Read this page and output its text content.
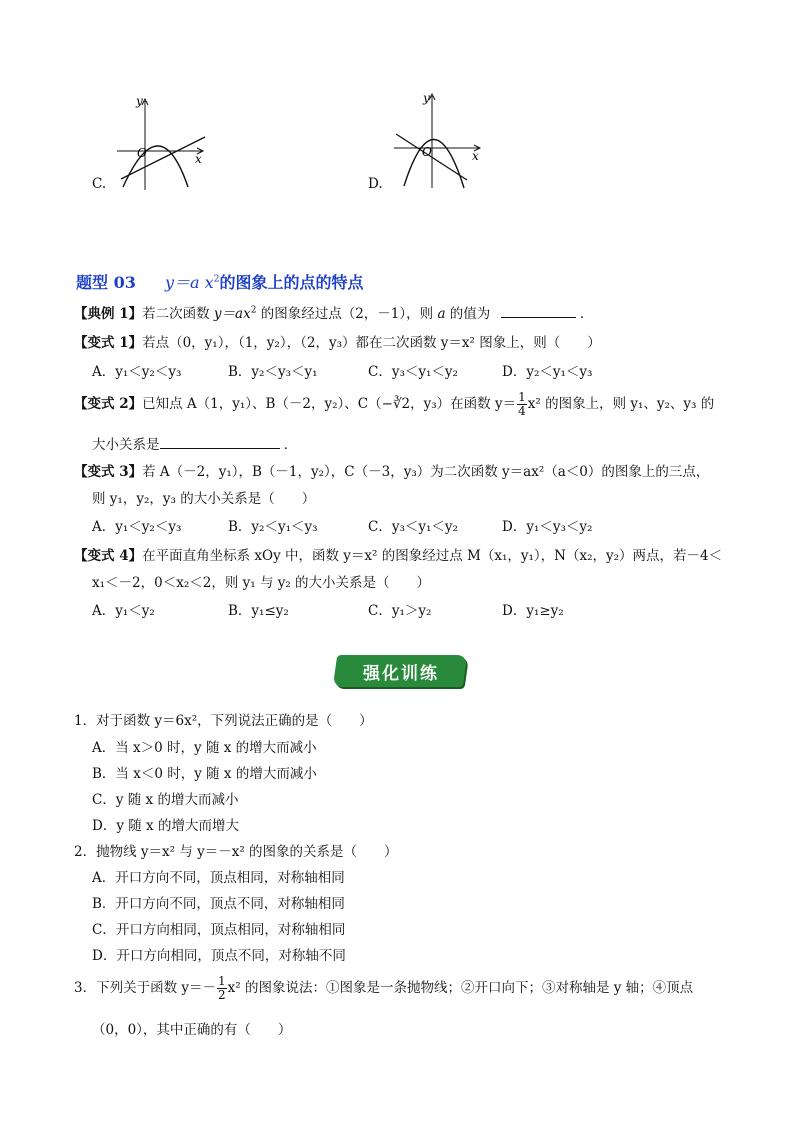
y
x
O
C.
y
x
O
D.
题型 03 y＝a $x^2$的图象上的点的特点
【典例 1】若二次函数 $y=ax^2$ 的图象经过点（2，－1），则 a 的值为	．
【变式 1】若点（0，y₁），（1，y₂），（2，y₃）都在二次函数 y＝x² 图象上，则（　　）
A．y₁＜y₂＜y₃	B．y₂＜y₃＜y₁	C．y₃＜y₁＜y₂	D．y₂＜y₁＜y₃
【变式 2】已知点 A（1，y₁）、B（－2，y₂）、C（−∛2，y₃）在函数 $y= \frac{1}{4} x^2$ 的图象上，则 y₁、y₂、y₃ 的
大小关系是	．
【变式 3】若 A（－2，y₁），B（－1，y₂），C（－3，y₃）为二次函数 y＝ax²（a＜0）的图象上的三点，
则 y₁，y₂，y₃ 的大小关系是（　　）
A．y₁＜y₂＜y₃	B．y₂＜y₁＜y₃	C．y₃＜y₁＜y₂	D．y₁＜y₃＜y₂
【变式 4】在平面直角坐标系 xOy 中，函数 y＝x² 的图象经过点 M（x₁，y₁），N（x₂，y₂）两点，若－4＜
x₁＜－2，0＜x₂＜2，则 y₁ 与 y₂ 的大小关系是（　　）
A．y₁＜y₂	B．y₁≤y₂	C．y₁＞y₂	D．y₁≥y₂
强化训练
1．对于函数 y＝6x²，下列说法正确的是（　　）
A．当 x＞0 时，y 随 x 的增大而减小
B．当 x＜0 时，y 随 x 的增大而减小
C．y 随 x 的增大而减小
D．y 随 x 的增大而增大
2．抛物线 y＝x² 与 y＝－x² 的图象的关系是（　　）
A．开口方向不同，顶点相同，对称轴相同
B．开口方向不同，顶点不同，对称轴相同
C．开口方向相同，顶点相同，对称轴相同
D．开口方向相同，顶点不同，对称轴不同
3．下列关于函数 $y=- \frac{1}{2} x^2$ 的图象说法：①图象是一条抛物线；②开口向下；③对称轴是 y 轴；④顶点
（0，0），其中正确的有（　　）
